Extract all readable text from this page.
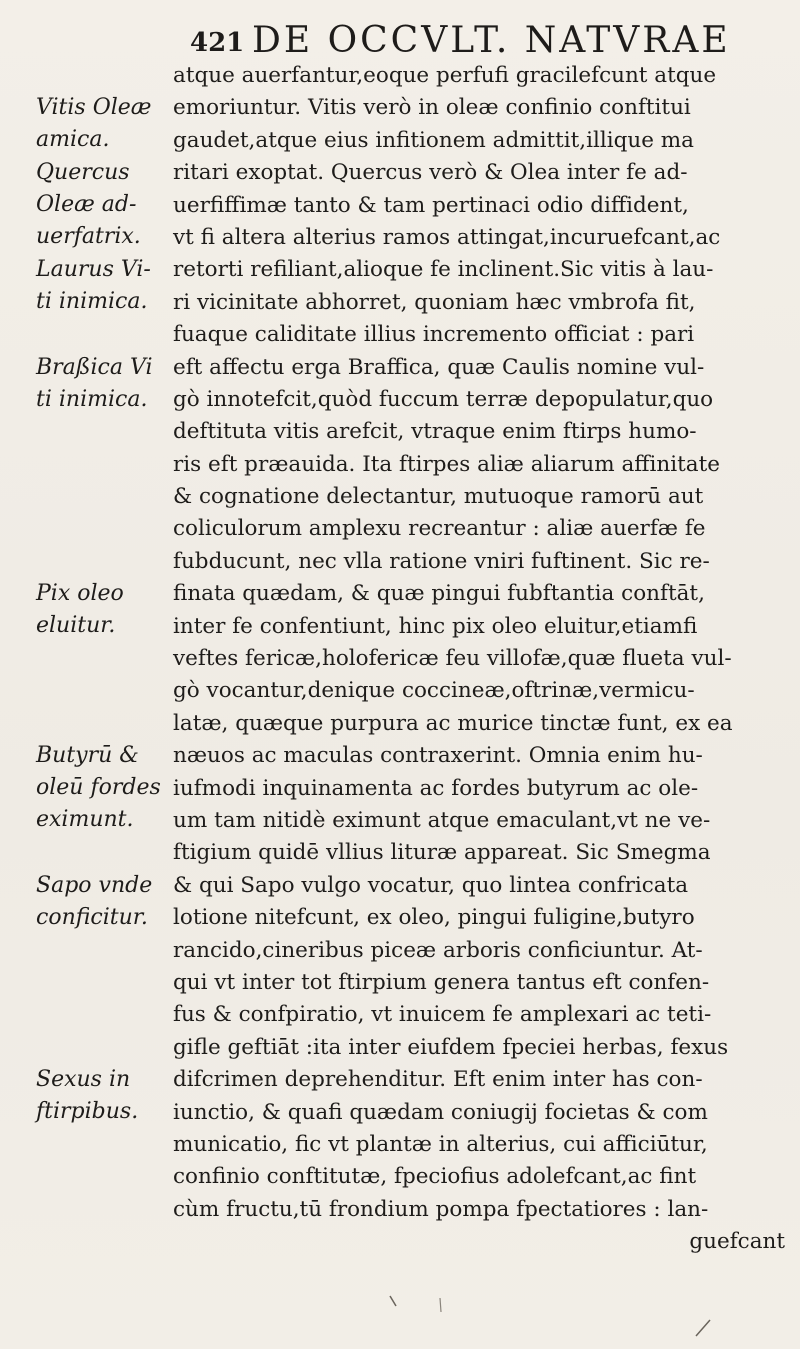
421 DE OCCVLT. NATVRAE
Vitis Oleæ
amica.
Quercus
Oleæ ad-
uerfatrix.
Laurus Vi-
ti inimica.
Braßica Vi
ti inimica.
Pix oleo
eluitur.
Butyrū &
oleū fordes
eximunt.
Sapo vnde
conficitur.
Sexus in
ftirpibus.
atque auerfantur,eoque perfufi gracilefcunt atque
emoriuntur. Vitis verò in oleæ confinio conftitui
gaudet,atque eius infitionem admittit,illique ma
ritari exoptat. Quercus verò & Olea inter fe ad-
uerfiffimæ tanto & tam pertinaci odio diffident,
vt fi altera alterius ramos attingat,incuruefcant,ac
retorti refiliant,alioque fe inclinent.Sic vitis à lau-
ri vicinitate abhorret, quoniam hæc vmbrofa fit,
fuaque caliditate illius incremento officiat : pari
eft affectu erga Braffica, quæ Caulis nomine vul-
gò innotefcit,quòd fuccum terræ depopulatur,quo
deftituta vitis arefcit, vtraque enim ftirps humo-
ris eft præauida. Ita ftirpes aliæ aliarum affinitate
& cognatione delectantur, mutuoque ramorū aut
coliculorum amplexu recreantur : aliæ auerfæ fe
fubducunt, nec vlla ratione vniri fuftinent. Sic re-
finata quædam, & quæ pingui fubftantia conftāt,
inter fe confentiunt, hinc pix oleo eluitur,etiamfi
veftes fericæ,holofericæ feu villofæ,quæ flueta vul-
gò vocantur,denique coccineæ,oftrinæ,vermicu-
latæ, quæque purpura ac murice tinctæ funt, ex ea
næuos ac maculas contraxerint. Omnia enim hu-
iufmodi inquinamenta ac fordes butyrum ac ole-
um tam nitidè eximunt atque emaculant,vt ne ve-
ftigium quidē vllius lituræ appareat. Sic Smegma
& qui Sapo vulgo vocatur, quo lintea confricata
lotione nitefcunt, ex oleo, pingui fuligine,butyro
rancido,cineribus piceæ arboris conficiuntur. At-
qui vt inter tot ftirpium genera tantus eft confen-
fus & confpiratio, vt inuicem fe amplexari ac teti-
gifle geftiāt :ita inter eiufdem fpeciei herbas, fexus
difcrimen deprehenditur. Eft enim inter has con-
iunctio, & quafi quædam coniugij focietas & com
municatio, fic vt plantæ in alterius, cui afficiūtur,
confinio conftitutæ, fpeciofius adolefcant,ac fint
cùm fructu,tū frondium pompa fpectatiores : lan-
guefcant
